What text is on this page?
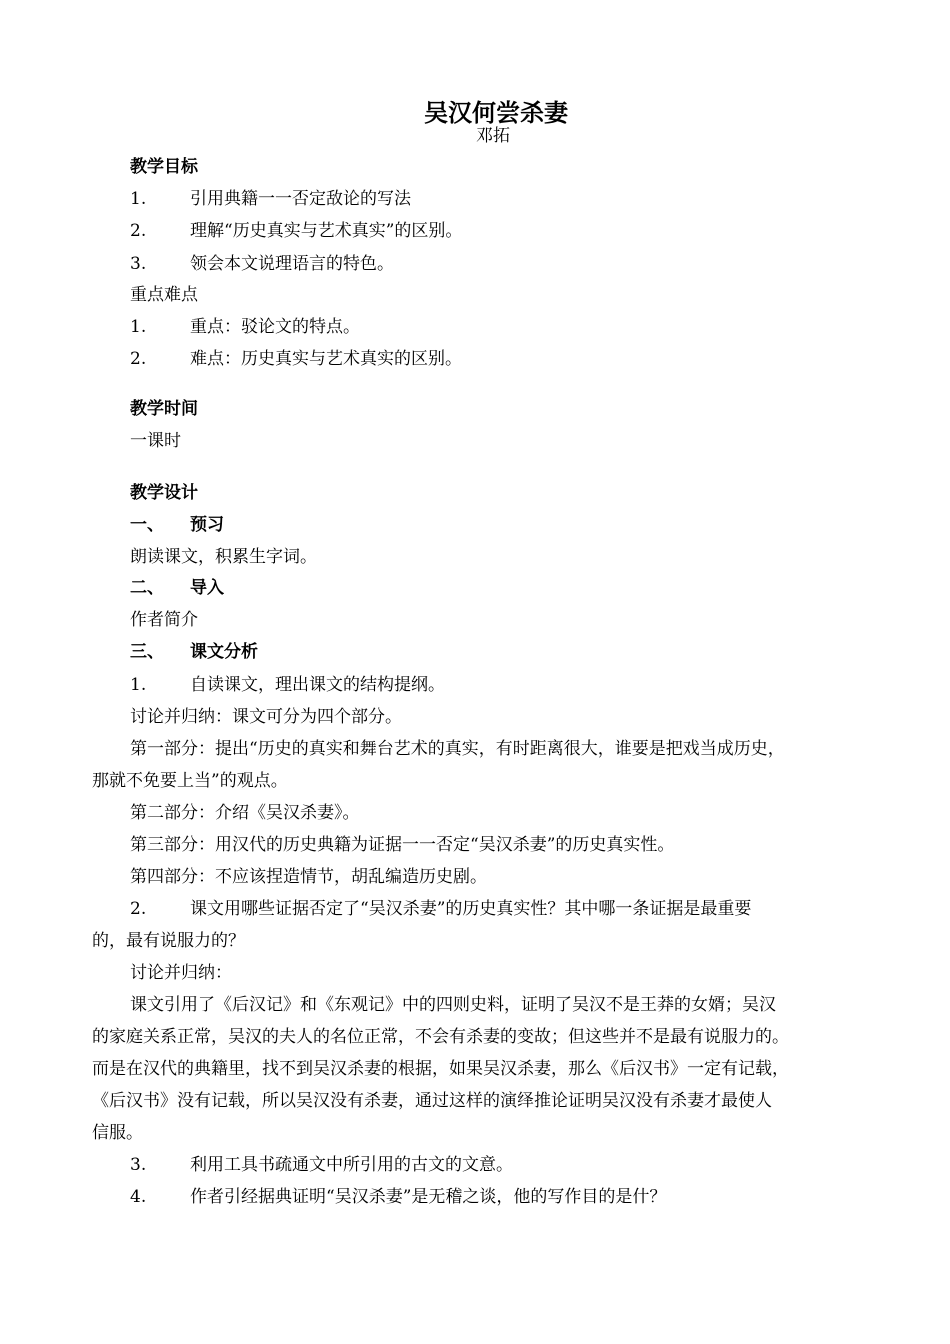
吴汉何尝杀妻
邓拓
教学目标
1.	引用典籍一一否定敌论的写法
2.	理解“历史真实与艺术真实”的区别。
3.	领会本文说理语言的特色。
重点难点
1.	重点：驳论文的特点。
2.	难点：历史真实与艺术真实的区别。
教学时间
一课时
教学设计
一、 预习
朗读课文，积累生字词。
二、 导入
作者简介
三、 课文分析
1.	自读课文，理出课文的结构提纲。
讨论并归纳：课文可分为四个部分。
第一部分：提出“历史的真实和舞台艺术的真实，有时距离很大，谁要是把戏当成历史，
那就不免要上当”的观点。
第二部分：介绍《吴汉杀妻》。
第三部分：用汉代的历史典籍为证据一一否定“吴汉杀妻”的历史真实性。
第四部分：不应该捏造情节，胡乱编造历史剧。
2.	课文用哪些证据否定了“吴汉杀妻”的历史真实性？其中哪一条证据是最重要
的，最有说服力的？
讨论并归纳：
课文引用了《后汉记》和《东观记》中的四则史料，证明了吴汉不是王莽的女婿；吴汉
的家庭关系正常，吴汉的夫人的名位正常，不会有杀妻的变故；但这些并不是最有说服力的。
而是在汉代的典籍里，找不到吴汉杀妻的根据，如果吴汉杀妻，那么《后汉书》一定有记载，
《后汉书》没有记载，所以吴汉没有杀妻，通过这样的演绎推论证明吴汉没有杀妻才最使人
信服。
3.	利用工具书疏通文中所引用的古文的文意。
4.	作者引经据典证明“吴汉杀妻”是无稽之谈，他的写作目的是什？
